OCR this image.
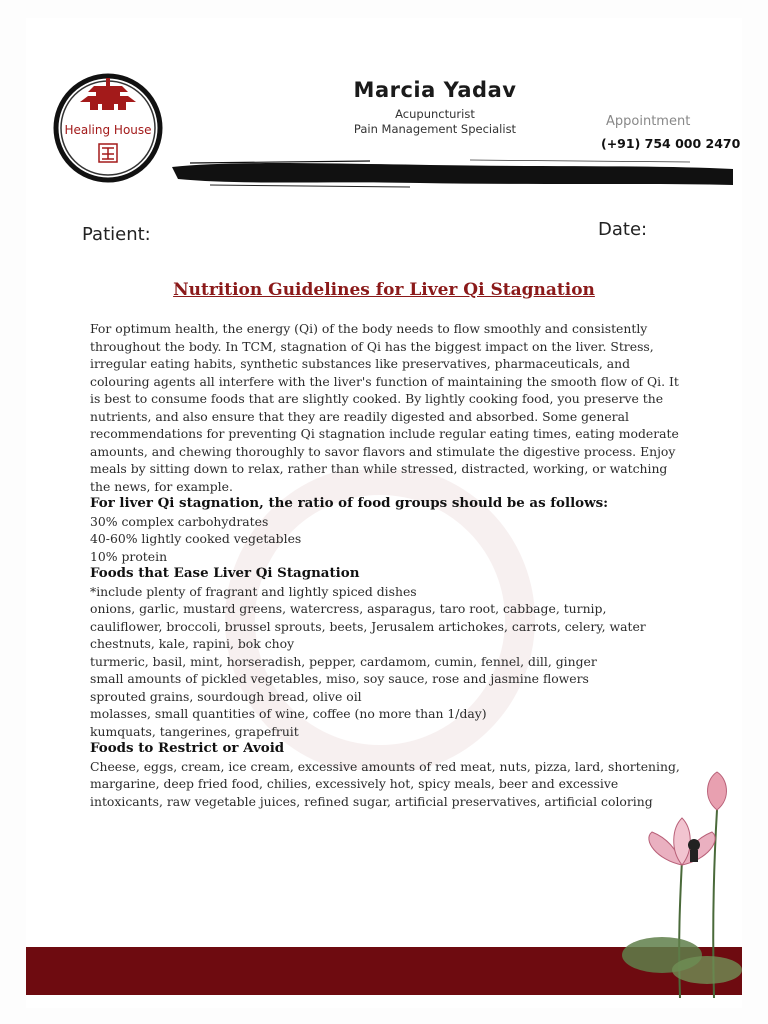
Healing House
Marcia Yadav
Acupuncturist
Pain Management Specialist	Appointment
(+91) 754 000 2470
Patient:	Date:
Nutrition Guidelines for Liver Qi Stagnation

For optimum health, the energy (Qi) of the body needs to flow smoothly and consistently throughout the body. In TCM, stagnation of Qi has the biggest impact on the liver. Stress, irregular eating habits, synthetic substances like preservatives, pharmaceuticals, and colouring agents all interfere with the liver's function of maintaining the smooth flow of Qi. It is best to consume foods that are slightly cooked. By lightly cooking food, you preserve the nutrients, and also ensure that they are readily digested and absorbed. Some general recommendations for preventing Qi stagnation include regular eating times, eating moderate amounts, and chewing thoroughly to savor flavors and stimulate the digestive process. Enjoy meals by sitting down to relax, rather than while stressed, distracted, working, or watching the news, for example.

For liver Qi stagnation, the ratio of food groups should be as follows:

30% complex carbohydrates

40-60% lightly cooked vegetables

10% protein

Foods that Ease Liver Qi Stagnation

*include plenty of fragrant and lightly spiced dishes

onions, garlic, mustard greens, watercress, asparagus, taro root, cabbage, turnip, cauliflower, broccoli, brussel sprouts, beets, Jerusalem artichokes, carrots, celery, water chestnuts, kale, rapini, bok choy

turmeric, basil, mint, horseradish, pepper, cardamom, cumin, fennel, dill, ginger

small amounts of pickled vegetables, miso, soy sauce, rose and jasmine flowers

sprouted grains, sourdough bread, olive oil

molasses, small quantities of wine, coffee (no more than 1/day)

kumquats, tangerines, grapefruit

Foods to Restrict or Avoid

Cheese, eggs, cream, ice cream, excessive amounts of red meat, nuts, pizza, lard, shortening, margarine, deep fried food, chilies, excessively hot, spicy meals, beer and excessive intoxicants, raw vegetable juices, refined sugar, artificial preservatives, artificial coloring
